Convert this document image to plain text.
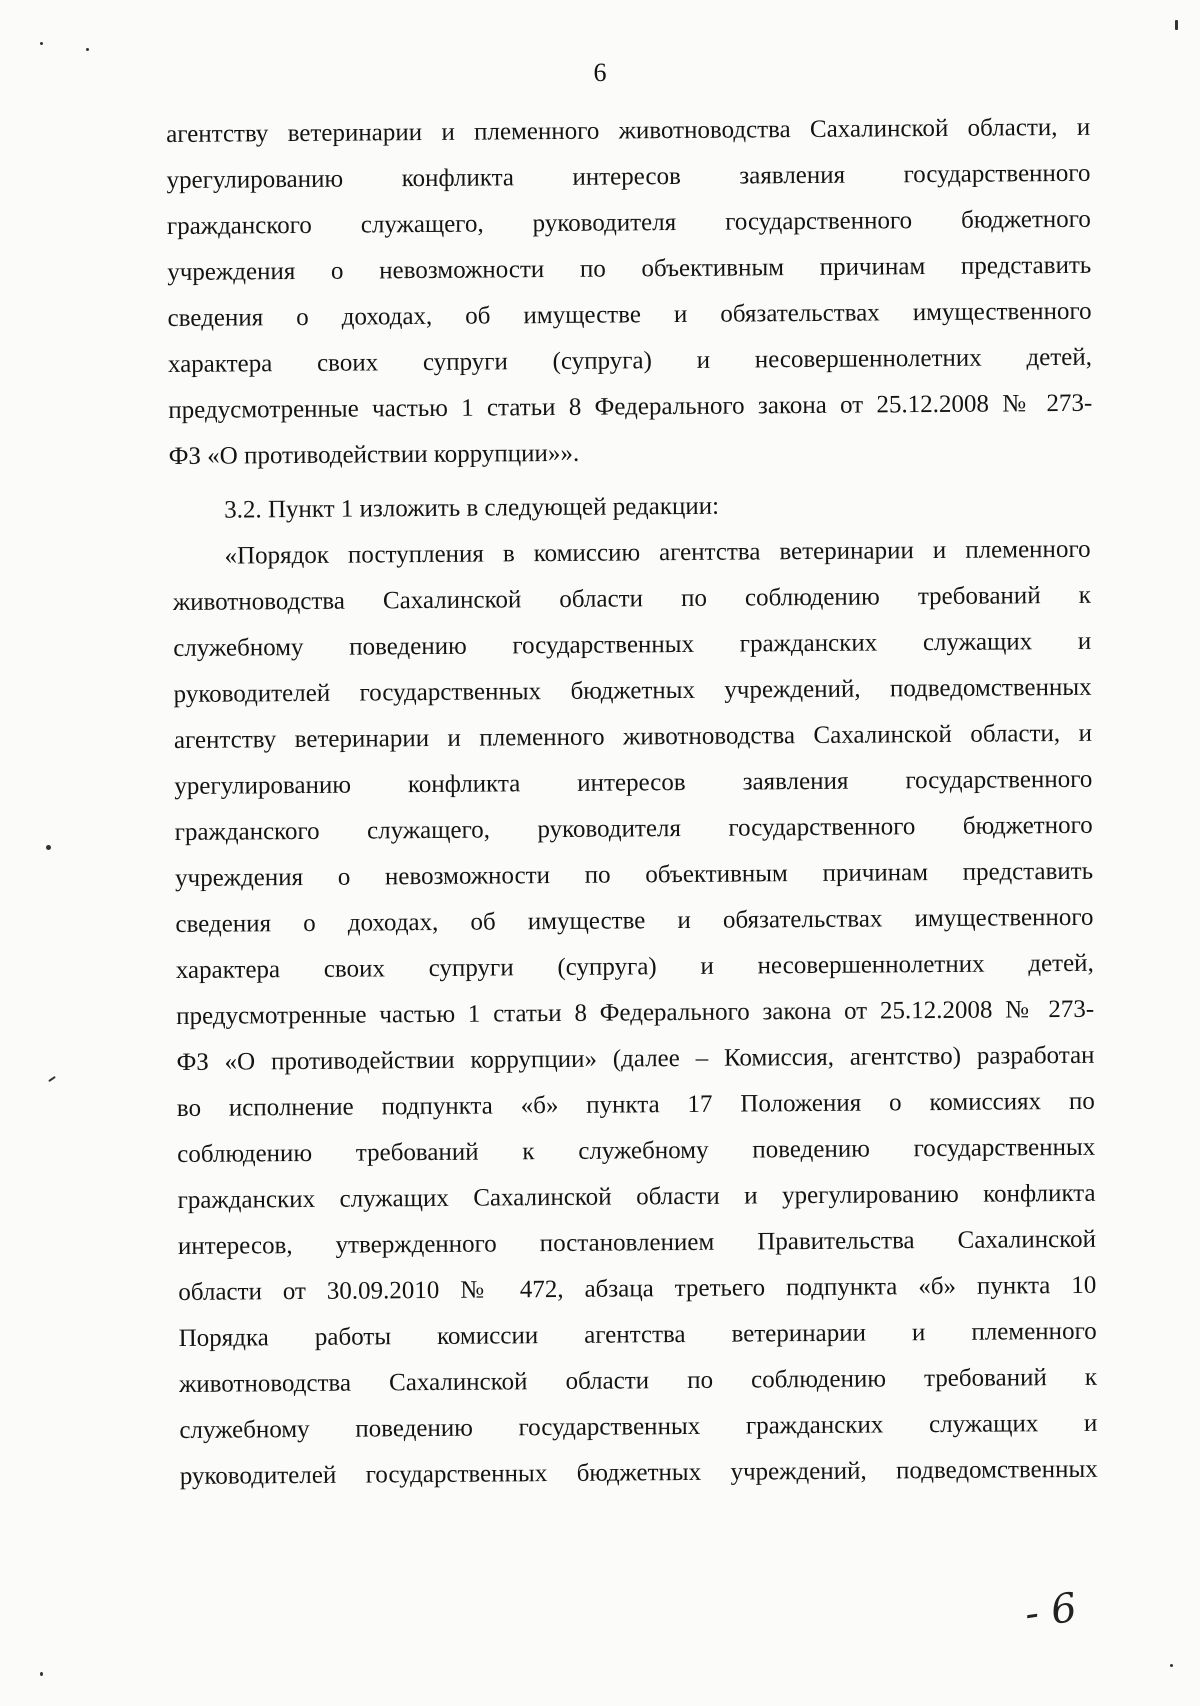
6
агентству ветеринарии и племенного животноводства Сахалинской области, и
урегулированию конфликта интересов заявления государственного
гражданского служащего, руководителя государственного бюджетного
учреждения о невозможности по объективным причинам представить
сведения о доходах, об имуществе и обязательствах имущественного
характера своих супруги (супруга) и несовершеннолетних детей,
предусмотренные частью 1 статьи 8 Федерального закона от 25.12.2008 № 273-
ФЗ «О противодействии коррупции»».
3.2. Пункт 1 изложить в следующей редакции:
«Порядок поступления в комиссию агентства ветеринарии и племенного
животноводства Сахалинской области по соблюдению требований к
служебному поведению государственных гражданских служащих и
руководителей государственных бюджетных учреждений, подведомственных
агентству ветеринарии и племенного животноводства Сахалинской области, и
урегулированию конфликта интересов заявления государственного
гражданского служащего, руководителя государственного бюджетного
учреждения о невозможности по объективным причинам представить
сведения о доходах, об имуществе и обязательствах имущественного
характера своих супруги (супруга) и несовершеннолетних детей,
предусмотренные частью 1 статьи 8 Федерального закона от 25.12.2008 № 273-
ФЗ «О противодействии коррупции» (далее – Комиссия, агентство) разработан
во исполнение подпункта «б» пункта 17 Положения о комиссиях по
соблюдению требований к служебному поведению государственных
гражданских служащих Сахалинской области и урегулированию конфликта
интересов, утвержденного постановлением Правительства Сахалинской
области от 30.09.2010 № 472, абзаца третьего подпункта «б» пункта 10
Порядка работы комиссии агентства ветеринарии и племенного
животноводства Сахалинской области по соблюдению требований к
служебному поведению государственных гражданских служащих и
руководителей государственных бюджетных учреждений, подведомственных
- 6
